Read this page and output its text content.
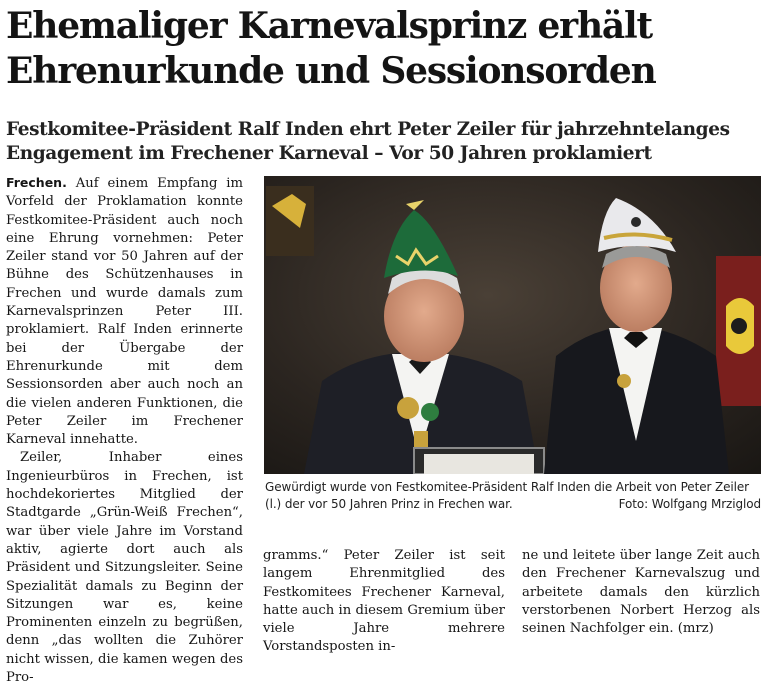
Ehemaliger Karnevalsprinz erhält
Ehrenurkunde und Sessionsorden
Festkomitee-Präsident Ralf Inden ehrt Peter Zeiler für jahrzehntelanges
Engagement im Frechener Karneval – Vor 50 Jahren proklamiert

Frechen. Auf einem Empfang im Vorfeld der Proklamation konnte Festkomitee-Präsident auch noch eine Ehrung vornehmen: Peter Zeiler stand vor 50 Jahren auf der Bühne des Schützenhauses in Frechen und wurde damals zum Karnevalsprinzen Peter III. proklamiert. Ralf Inden erinnerte bei der Übergabe der Ehrenurkunde mit dem Sessionsorden aber auch noch an die vielen anderen Funktionen, die Peter Zeiler im Frechener Karneval innehatte.

Zeiler, Inhaber eines Ingenieurbüros in Frechen, ist hochdekoriertes Mitglied der Stadtgarde „Grün-Weiß Frechen“, war über viele Jahre im Vorstand aktiv, agierte dort auch als Präsident und Sitzungsleiter. Seine Spezialität damals zu Beginn der Sitzungen war es, keine Prominenten einzeln zu begrüßen, denn „das wollten die Zuhörer nicht wissen, die kamen wegen des Pro-

Gewürdigt wurde von Festkomitee-Präsident Ralf Inden die Arbeit von Peter Zeiler (l.) der vor 50 Jahren Prinz in Frechen war.	Foto: Wolfgang Mrziglod

gramms.“ Peter Zeiler ist seit langem Ehrenmitglied des Festkomitees Frechener Karneval, hatte auch in diesem Gremium über viele Jahre mehrere Vorstandsposten in-

ne und leitete über lange Zeit auch den Frechener Karnevalszug und arbeitete damals den kürzlich verstorbenen Norbert Herzog als seinen Nachfolger ein. (mrz)
